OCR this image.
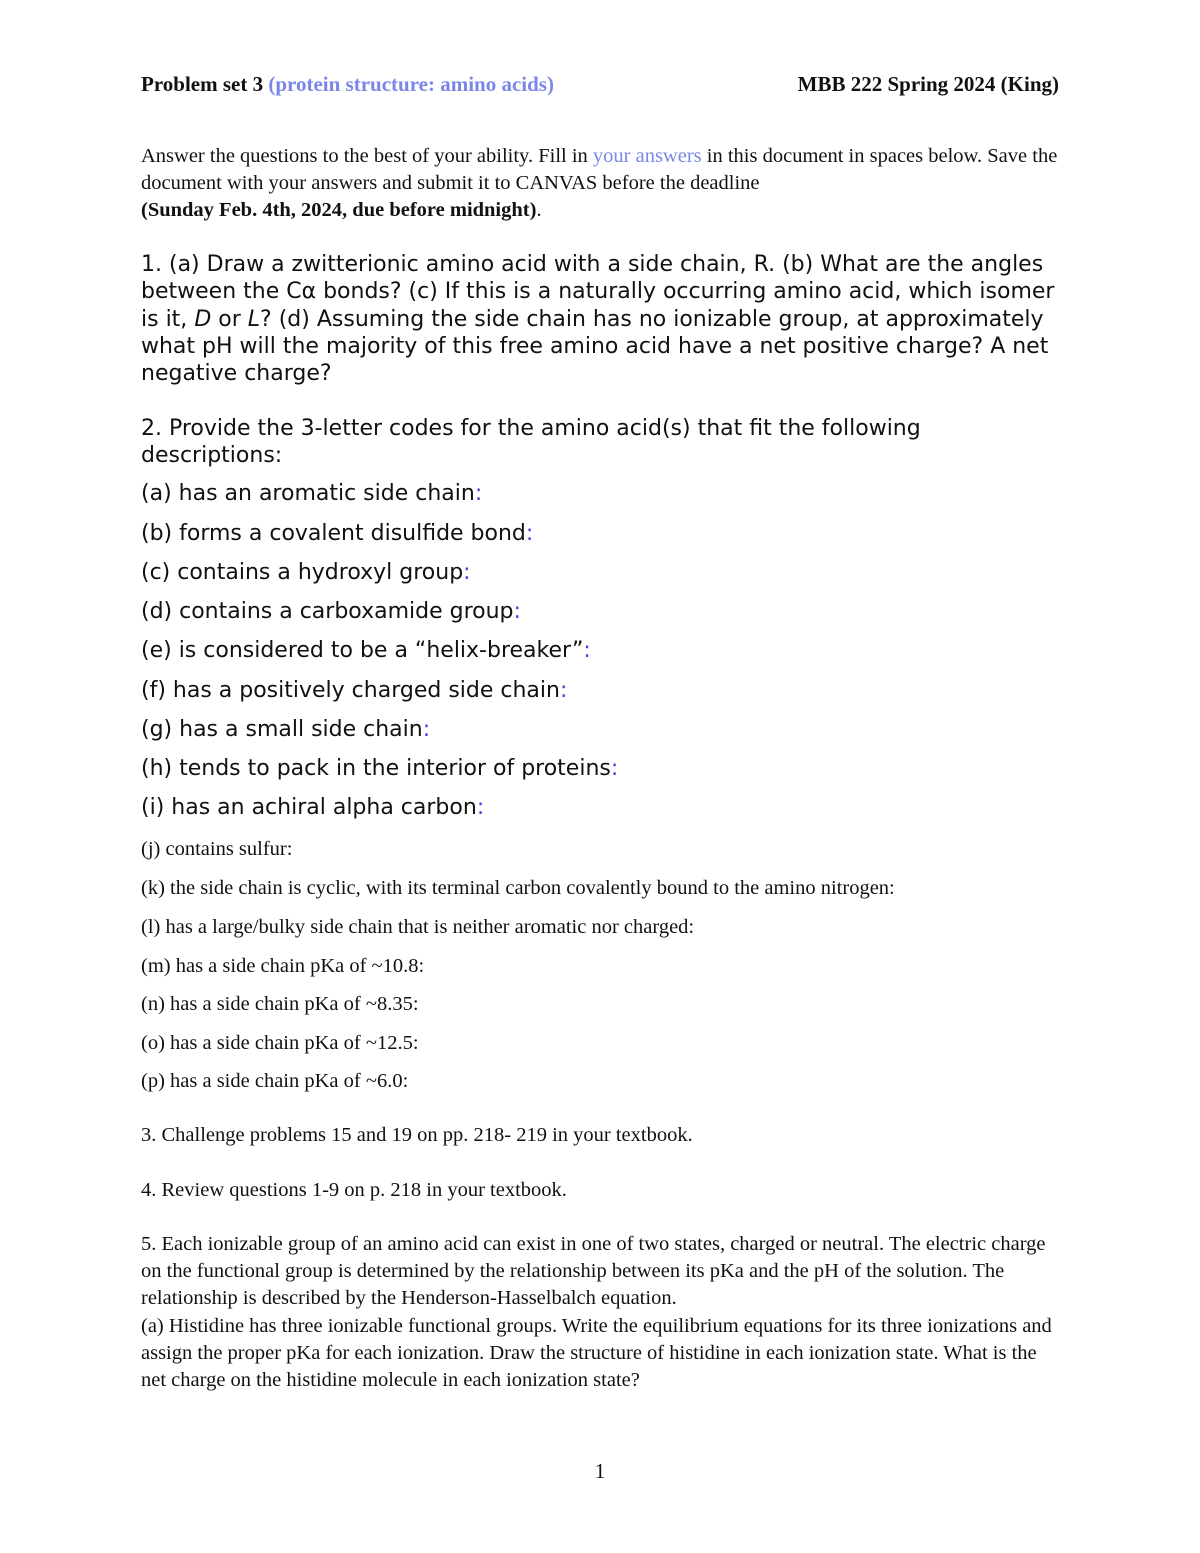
Problem set 3 (protein structure: amino acids)	MBB 222 Spring 2024 (King)
Answer the questions to the best of your ability. Fill in your answers in this document in spaces below. Save the document with your answers and submit it to CANVAS before the deadline
(Sunday Feb. 4th, 2024, due before midnight).
1. (a) Draw a zwitterionic amino acid with a side chain, R. (b) What are the angles between the Cα bonds? (c) If this is a naturally occurring amino acid, which isomer is it, D or L? (d) Assuming the side chain has no ionizable group, at approximately what pH will the majority of this free amino acid have a net positive charge? A net negative charge?
2. Provide the 3-letter codes for the amino acid(s) that fit the following descriptions:
(a) has an aromatic side chain:
(b) forms a covalent disulfide bond:
(c) contains a hydroxyl group:
(d) contains a carboxamide group:
(e) is considered to be a “helix-breaker”:
(f) has a positively charged side chain:
(g) has a small side chain:
(h) tends to pack in the interior of proteins:
(i) has an achiral alpha carbon:
(j) contains sulfur:
(k) the side chain is cyclic, with its terminal carbon covalently bound to the amino nitrogen:
(l) has a large/bulky side chain that is neither aromatic nor charged:
(m) has a side chain pKa of ~10.8:
(n) has a side chain pKa of ~8.35:
(o) has a side chain pKa of ~12.5:
(p) has a side chain pKa of ~6.0:
3. Challenge problems 15 and 19 on pp. 218- 219 in your textbook.
4. Review questions 1-9 on p. 218 in your textbook.
5. Each ionizable group of an amino acid can exist in one of two states, charged or neutral. The electric charge on the functional group is determined by the relationship between its pKa and the pH of the solution. The relationship is described by the Henderson-Hasselbalch equation.
(a) Histidine has three ionizable functional groups. Write the equilibrium equations for its three ionizations and assign the proper pKa for each ionization. Draw the structure of histidine in each ionization state. What is the net charge on the histidine molecule in each ionization state?
1
